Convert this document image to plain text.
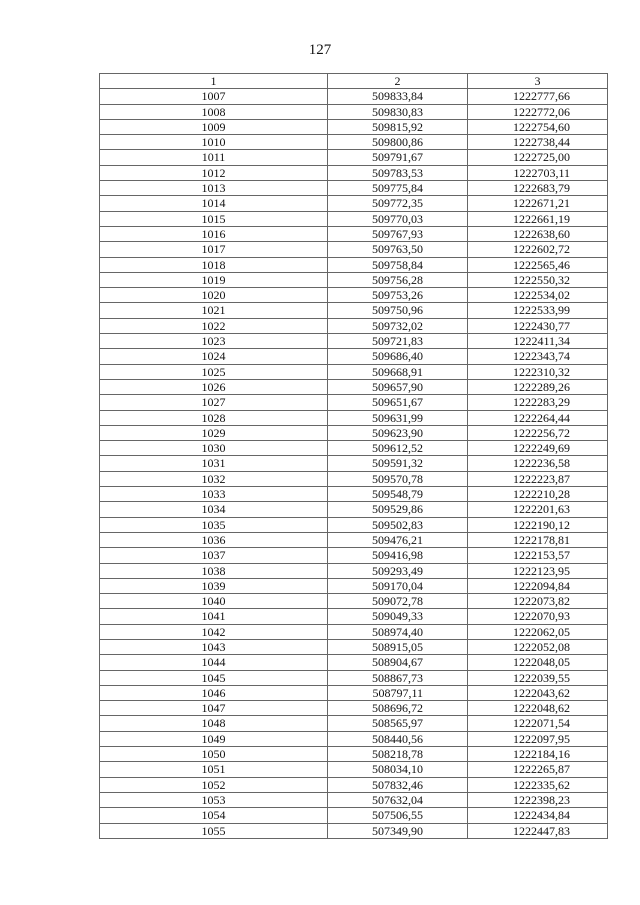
127
1	2	3
1007	509833,84	1222777,66
1008	509830,83	1222772,06
1009	509815,92	1222754,60
1010	509800,86	1222738,44
1011	509791,67	1222725,00
1012	509783,53	1222703,11
1013	509775,84	1222683,79
1014	509772,35	1222671,21
1015	509770,03	1222661,19
1016	509767,93	1222638,60
1017	509763,50	1222602,72
1018	509758,84	1222565,46
1019	509756,28	1222550,32
1020	509753,26	1222534,02
1021	509750,96	1222533,99
1022	509732,02	1222430,77
1023	509721,83	1222411,34
1024	509686,40	1222343,74
1025	509668,91	1222310,32
1026	509657,90	1222289,26
1027	509651,67	1222283,29
1028	509631,99	1222264,44
1029	509623,90	1222256,72
1030	509612,52	1222249,69
1031	509591,32	1222236,58
1032	509570,78	1222223,87
1033	509548,79	1222210,28
1034	509529,86	1222201,63
1035	509502,83	1222190,12
1036	509476,21	1222178,81
1037	509416,98	1222153,57
1038	509293,49	1222123,95
1039	509170,04	1222094,84
1040	509072,78	1222073,82
1041	509049,33	1222070,93
1042	508974,40	1222062,05
1043	508915,05	1222052,08
1044	508904,67	1222048,05
1045	508867,73	1222039,55
1046	508797,11	1222043,62
1047	508696,72	1222048,62
1048	508565,97	1222071,54
1049	508440,56	1222097,95
1050	508218,78	1222184,16
1051	508034,10	1222265,87
1052	507832,46	1222335,62
1053	507632,04	1222398,23
1054	507506,55	1222434,84
1055	507349,90	1222447,83
